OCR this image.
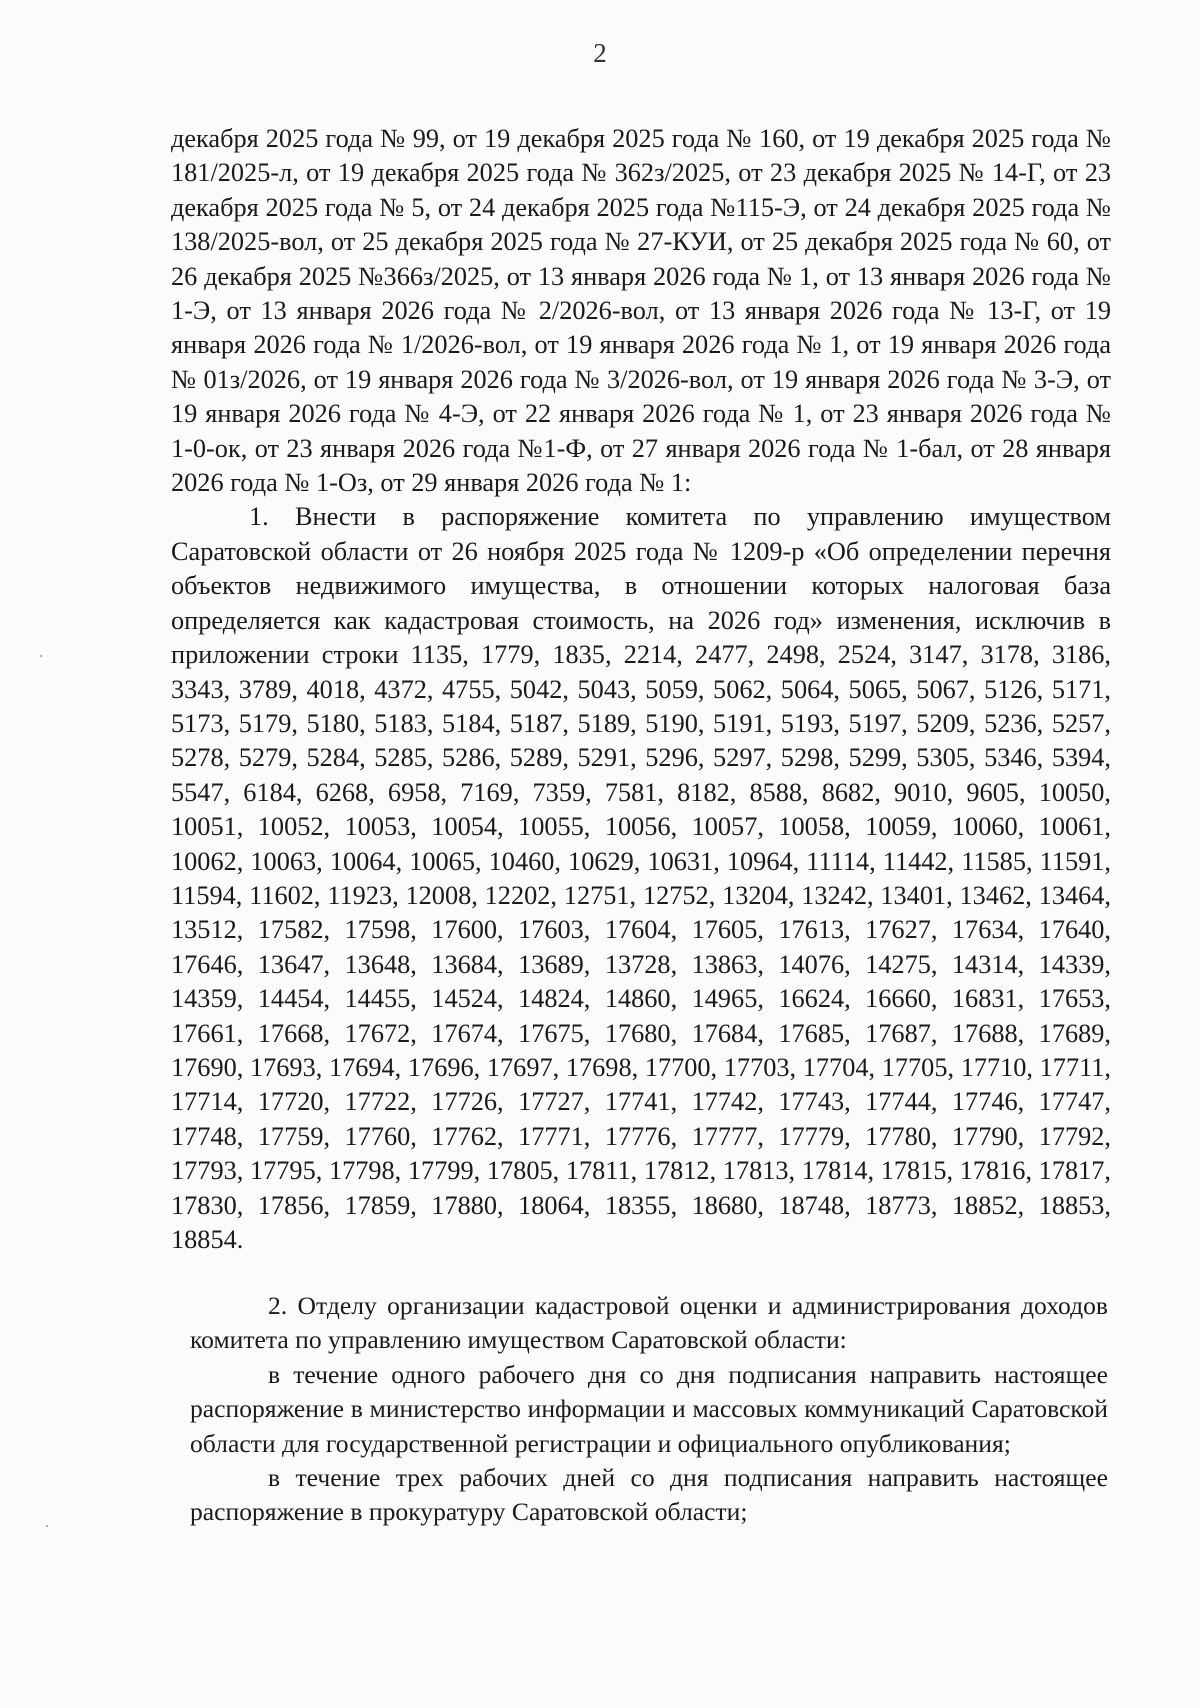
2

декабря 2025 года № 99, от 19 декабря 2025 года № 160, от 19 декабря 2025 года № 181/2025-л, от 19 декабря 2025 года № 362з/2025, от 23 декабря 2025 № 14-Г, от 23 декабря 2025 года № 5, от 24 декабря 2025 года №115-Э, от 24 декабря 2025 года № 138/2025-вол, от 25 декабря 2025 года № 27-КУИ, от 25 декабря 2025 года № 60, от 26 декабря 2025 №366з/2025, от 13 января 2026 года № 1, от 13 января 2026 года № 1-Э, от 13 января 2026 года № 2/2026-вол, от 13 января 2026 года № 13-Г, от 19 января 2026 года № 1/2026-вол, от 19 января 2026 года № 1, от 19 января 2026 года № 01з/2026, от 19 января 2026 года № 3/2026-вол, от 19 января 2026 года № 3-Э, от 19 января 2026 года № 4-Э, от 22 января 2026 года № 1, от 23 января 2026 года № 1-0-ок, от 23 января 2026 года №1-Ф, от 27 января 2026 года № 1-бал, от 28 января 2026 года № 1-Оз, от 29 января 2026 года № 1:

1. Внести в распоряжение комитета по управлению имуществом Саратовской области от 26 ноября 2025 года № 1209-р «Об определении перечня объектов недвижимого имущества, в отношении которых налоговая база определяется как кадастровая стоимость, на 2026 год» изменения, исключив в приложении строки 1135, 1779, 1835, 2214, 2477, 2498, 2524, 3147, 3178, 3186, 3343, 3789, 4018, 4372, 4755, 5042, 5043, 5059, 5062, 5064, 5065, 5067, 5126, 5171, 5173, 5179, 5180, 5183, 5184, 5187, 5189, 5190, 5191, 5193, 5197, 5209, 5236, 5257, 5278, 5279, 5284, 5285, 5286, 5289, 5291, 5296, 5297, 5298, 5299, 5305, 5346, 5394, 5547, 6184, 6268, 6958, 7169, 7359, 7581, 8182, 8588, 8682, 9010, 9605, 10050, 10051, 10052, 10053, 10054, 10055, 10056, 10057, 10058, 10059, 10060, 10061, 10062, 10063, 10064, 10065, 10460, 10629, 10631, 10964, 11114, 11442, 11585, 11591, 11594, 11602, 11923, 12008, 12202, 12751, 12752, 13204, 13242, 13401, 13462, 13464, 13512, 17582, 17598, 17600, 17603, 17604, 17605, 17613, 17627, 17634, 17640, 17646, 13647, 13648, 13684, 13689, 13728, 13863, 14076, 14275, 14314, 14339, 14359, 14454, 14455, 14524, 14824, 14860, 14965, 16624, 16660, 16831, 17653, 17661, 17668, 17672, 17674, 17675, 17680, 17684, 17685, 17687, 17688, 17689, 17690, 17693, 17694, 17696, 17697, 17698, 17700, 17703, 17704, 17705, 17710, 17711, 17714, 17720, 17722, 17726, 17727, 17741, 17742, 17743, 17744, 17746, 17747, 17748, 17759, 17760, 17762, 17771, 17776, 17777, 17779, 17780, 17790, 17792, 17793, 17795, 17798, 17799, 17805, 17811, 17812, 17813, 17814, 17815, 17816, 17817, 17830, 17856, 17859, 17880, 18064, 18355, 18680, 18748, 18773, 18852, 18853, 18854.

2. Отделу организации кадастровой оценки и администрирования доходов комитета по управлению имуществом Саратовской области:

в течение одного рабочего дня со дня подписания направить настоящее распоряжение в министерство информации и массовых коммуникаций Саратовской области для государственной регистрации и официального опубликования;

в течение трех рабочих дней со дня подписания направить настоящее распоряжение в прокуратуру Саратовской области;
